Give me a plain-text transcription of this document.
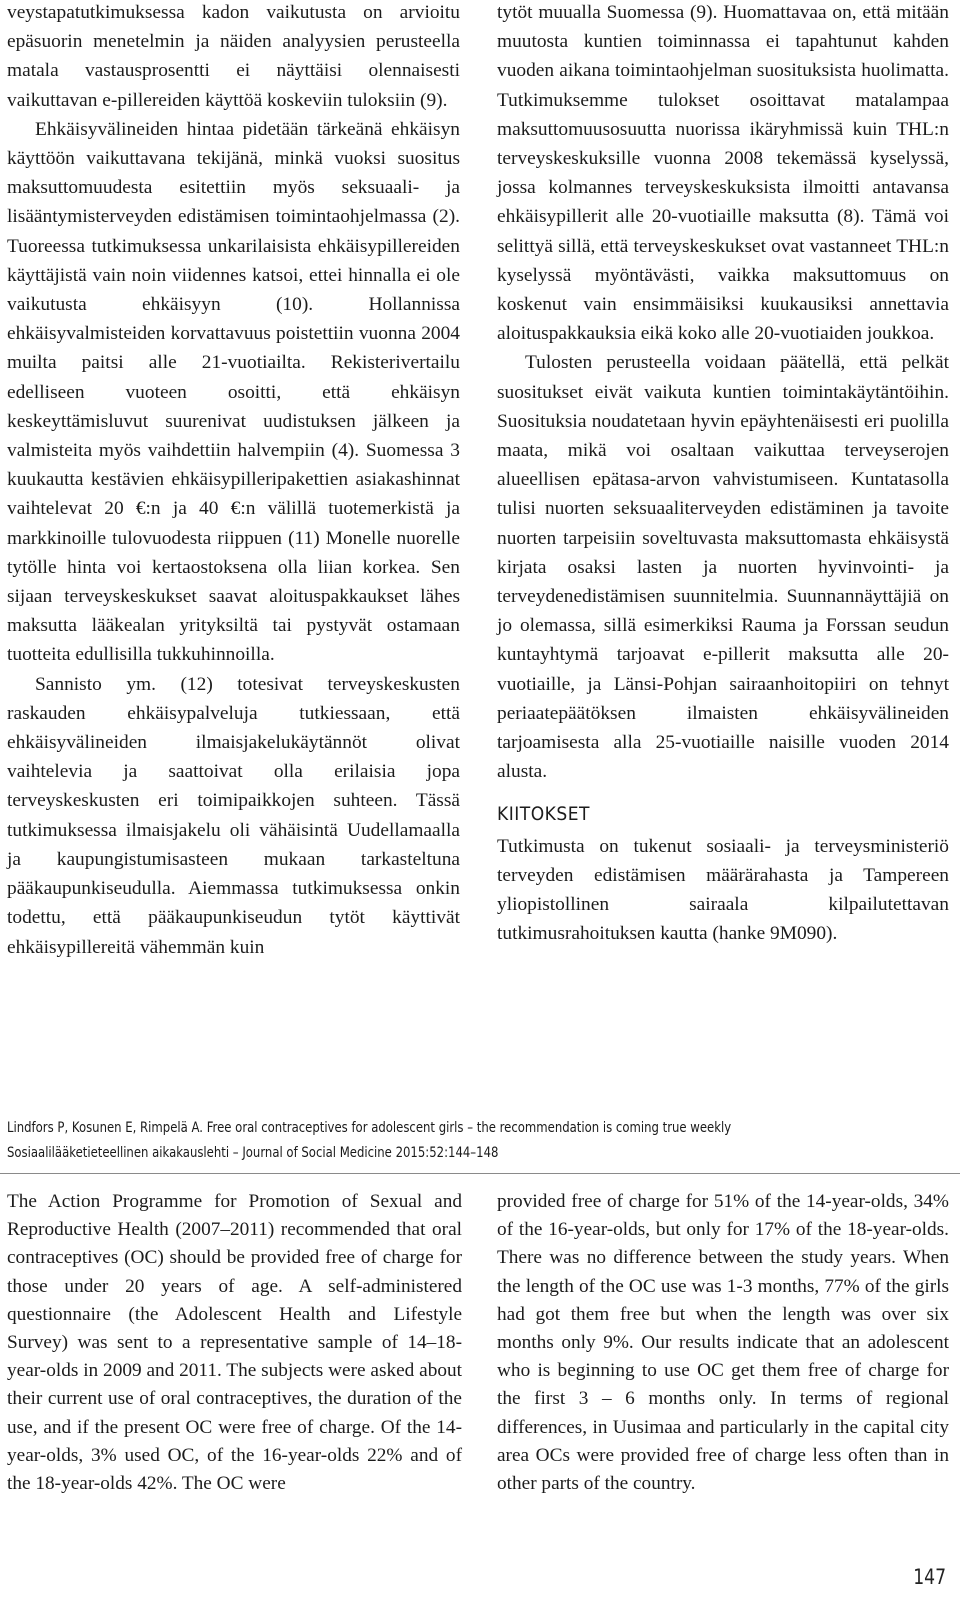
veystapatutkimuksessa kadon vaikutusta on arvioitu epäsuorin menetelmin ja näiden analyysien perusteella matala vastausprosentti ei näyttäisi olennaisesti vaikuttavan e-pillereiden käyttöä koskeviin tuloksiin (9).

Ehkäisyvälineiden hintaa pidetään tärkeänä ehkäisyn käyttöön vaikuttavana tekijänä, minkä vuoksi suositus maksuttomuudesta esitettiin myös seksuaali- ja lisääntymisterveyden edistämisen toimintaohjelmassa (2). Tuoreessa tutkimuksessa unkarilaisista ehkäisypillereiden käyttäjistä vain noin viidennes katsoi, ettei hinnalla ei ole vaikutusta ehkäisyyn (10). Hollannissa ehkäisyvalmisteiden korvattavuus poistettiin vuonna 2004 muilta paitsi alle 21-vuotiailta. Rekisterivertailu edelliseen vuoteen osoitti, että ehkäisyn keskeyttämisluvut suurenivat uudistuksen jälkeen ja valmisteita myös vaihdettiin halvempiin (4). Suomessa 3 kuukautta kestävien ehkäisypilleripakettien asiakashinnat vaihtelevat 20 €:n ja 40 €:n välillä tuotemerkistä ja markkinoille tulovuodesta riippuen (11) Monelle nuorelle tytölle hinta voi kertaostoksena olla liian korkea. Sen sijaan terveyskeskukset saavat aloituspakkaukset lähes maksutta lääkealan yrityksiltä tai pystyvät ostamaan tuotteita edullisilla tukkuhinnoilla.

Sannisto ym. (12) totesivat terveyskeskusten raskauden ehkäisypalveluja tutkiessaan, että ehkäisyvälineiden ilmaisjakelukäytännöt olivat vaihtelevia ja saattoivat olla erilaisia jopa terveyskeskusten eri toimipaikkojen suhteen. Tässä tutkimuksessa ilmaisjakelu oli vähäisintä Uudellamaalla ja kaupungistumisasteen mukaan tarkasteltuna pääkaupunkiseudulla. Aiemmassa tutkimuksessa onkin todettu, että pääkaupunkiseudun tytöt käyttivät ehkäisypillereitä vähemmän kuin

tytöt muualla Suomessa (9). Huomattavaa on, että mitään muutosta kuntien toiminnassa ei tapahtunut kahden vuoden aikana toimintaohjelman suosituksista huolimatta. Tutkimuksemme tulokset osoittavat matalampaa maksuttomuusosuutta nuorissa ikäryhmissä kuin THL:n terveyskeskuksille vuonna 2008 tekemässä kyselyssä, jossa kolmannes terveyskeskuksista ilmoitti antavansa ehkäisypillerit alle 20-vuotiaille maksutta (8). Tämä voi selittyä sillä, että terveyskeskukset ovat vastanneet THL:n kyselyssä myöntävästi, vaikka maksuttomuus on koskenut vain ensimmäisiksi kuukausiksi annettavia aloituspakkauksia eikä koko alle 20-vuotiaiden joukkoa.

Tulosten perusteella voidaan päätellä, että pelkät suositukset eivät vaikuta kuntien toimintakäytäntöihin. Suosituksia noudatetaan hyvin epäyhtenäisesti eri puolilla maata, mikä voi osaltaan vaikuttaa terveyserojen alueellisen epätasa-arvon vahvistumiseen. Kuntatasolla tulisi nuorten seksuaaliterveyden edistäminen ja tavoite nuorten tarpeisiin soveltuvasta maksuttomasta ehkäisystä kirjata osaksi lasten ja nuorten hyvinvointi- ja terveydenedistämisen suunnitelmia. Suunnannäyttäjiä on jo olemassa, sillä esimerkiksi Rauma ja Forssan seudun kuntayhtymä tarjoavat e-pillerit maksutta alle 20-vuotiaille, ja Länsi-Pohjan sairaanhoitopiiri on tehnyt periaatepäätöksen ilmaisten ehkäisyvälineiden tarjoamisesta alla 25-vuotiaille naisille vuoden 2014 alusta.

KIITOKSET

Tutkimusta on tukenut sosiaali- ja terveysministeriö terveyden edistämisen määrärahasta ja Tampereen yliopistollinen sairaala kilpailutettavan tutkimusrahoituksen kautta (hanke 9M090).

Lindfors P, Kosunen E, Rimpelä A. Free oral contraceptives for adolescent girls – the recommendation is coming true weekly
Sosiaalilääketieteellinen aikakauslehti – Journal of Social Medicine 2015:52:144–148

The Action Programme for Promotion of Sexual and Reproductive Health (2007–2011) recommended that oral contraceptives (OC) should be provided free of charge for those under 20 years of age. A self-administered questionnaire (the Adolescent Health and Lifestyle Survey) was sent to a representative sample of 14–18-year-olds in 2009 and 2011. The subjects were asked about their current use of oral contraceptives, the duration of the use, and if the present OC were free of charge. Of the 14-year-olds, 3% used OC, of the 16-year-olds 22% and of the 18-year-olds 42%. The OC were

provided free of charge for 51% of the 14-year-olds, 34% of the 16-year-olds, but only for 17% of the 18-year-olds. There was no difference between the study years. When the length of the OC use was 1-3 months, 77% of the girls had got them free but when the length was over six months only 9%. Our results indicate that an adolescent who is beginning to use OC get them free of charge for the first 3 – 6 months only. In terms of regional differences, in Uusimaa and particularly in the capital city area OCs were provided free of charge less often than in other parts of the country.

147
